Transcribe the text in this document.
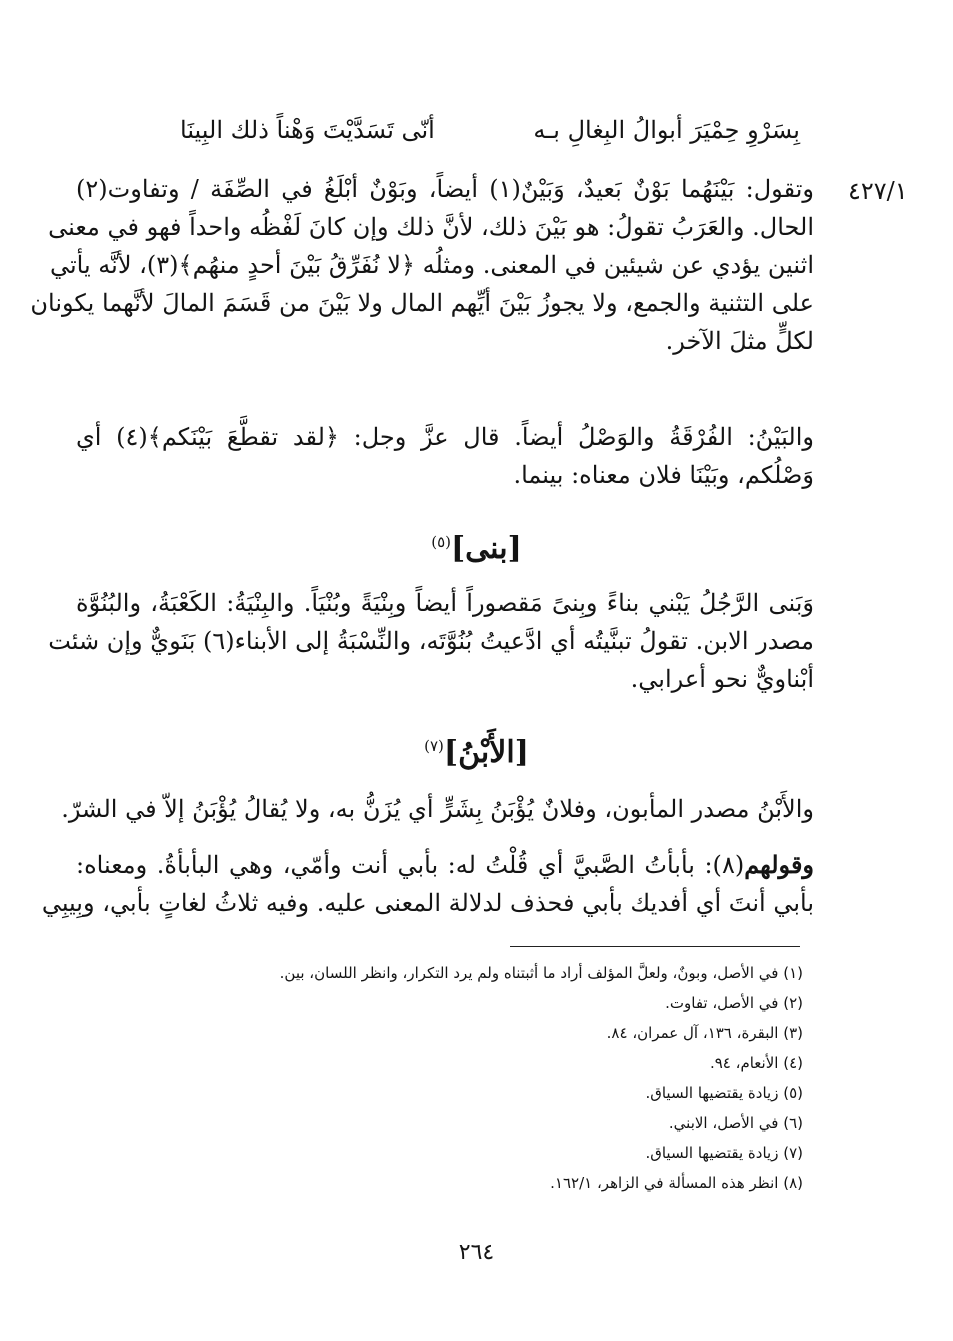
بِسَرْوِ حِمْيَرَ أبوالُ البِغالِ بـه
أنّى تَسَدَّيْتَ وَهْناً ذلك البِينَا
٤٢٧/١
وتقول: بَيْنَهُما بَوْنٌ بَعيدٌ، وَبَيْنٌ(١) أيضاً، وبَوْنٌ أبْلَغُ في الصِّفَة / وتفاوت(٢)
الحال. والعَرَبُ تقولُ: هو بَيْنَ ذلك، لأنَّ ذلك وإن كانَ لَفْظُه واحداً فهو في معنى
اثنين يؤدي عن شيئين في المعنى. ومثلُه ﴿لا نُفَرِّقُ بَيْنَ أحدٍ منهُم﴾(٣)، لأنَّه يأتي
على التثنية والجمع، ولا يجوزُ بَيْنَ أيِّهم المال ولا بَيْنَ من قَسَمَ المالَ لأنَّهما يكونان
لكلٍّ مثلَ الآخر.
والبَيْنُ: الفُرْقَةُ والوَصْلُ أيضاً. قال عزَّ وجل: ﴿لقد تقطَّعَ بَيْنَكم﴾(٤) أي
وَصْلُكم، وبَيْنَا فلان معناه: بينما.
[بنى]$^{(٥)}$
وَبَنى الرَّجُلُ يَبْني بناءً وبِنىً مَقصوراً أيضاً وبِنْيَةً وبُنْيَاً. والبِنْيَةُ: الكَعْبَةُ، والبُنُوَّة
مصدر الابن. تقولُ تبنَّيتُه أي ادَّعيتُ بُنُوَّتَه، والنِّسْبَةُ إلى الأبناء(٦) بَنَويٌّ وإن شئت
أبْناويٌّ نحو أعرابي.
[الأَبْنُ]$^{(٧)}$
والأَبْنُ مصدر المأبون، وفلانٌ يُؤْبَنُ بِشَرٍّ أي يُزَنُّ به، ولا يُقالُ يُؤْبَنُ إلاّ في الشرّ.
وقولهم(٨): بأبأتُ الصَّبيَّ أي قُلْتُ له: بأبي أنت وأمّي، وهي البأبأةُ. ومعناه:
بأبي أنتَ أي أفديك بأبي فحذف لدلالة المعنى عليه. وفيه ثلاثُ لغاتٍ بأبي، وبِيبِي
(١) في الأصل، وبونٌ، ولعلَّ المؤلف أراد ما أثبتناه ولم يرد التكرار، وانظر اللسان، بين.
(٢) في الأصل، تفاوت.
(٣) البقرة، ١٣٦، آل عمران، ٨٤.
(٤) الأنعام، ٩٤.
(٥) زيادة يقتضيها السياق.
(٦) في الأصل، الابني.
(٧) زيادة يقتضيها السياق.
(٨) انظر هذه المسألة في الزاهر، ١٦٢/١.
٢٦٤
